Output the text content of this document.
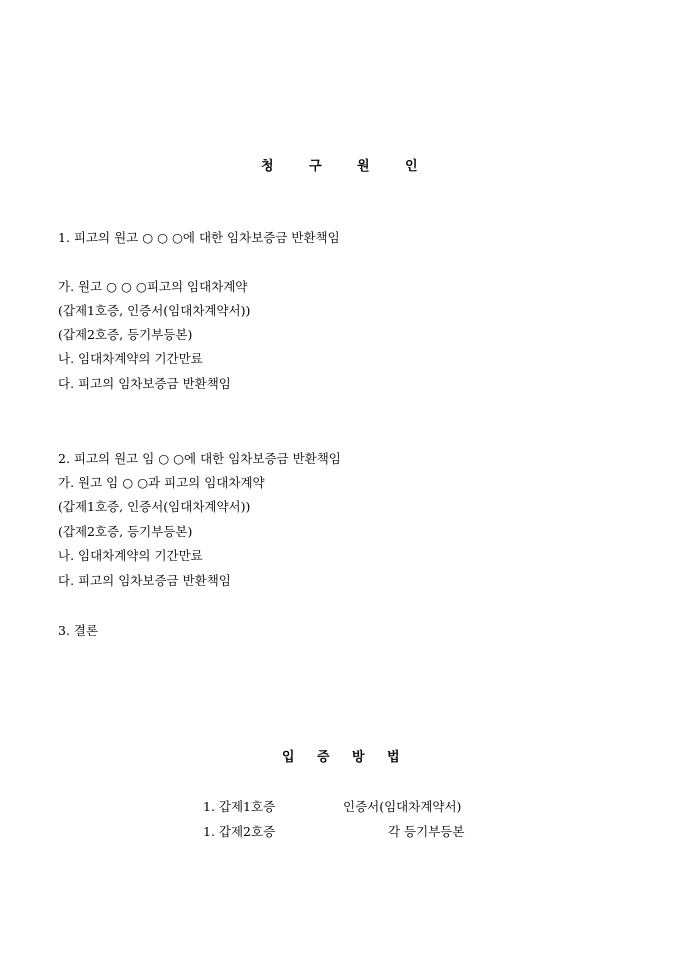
청	구	원	인
1. 피고의 원고 ○ ○ ○에 대한 임차보증금 반환책임
가. 원고 ○ ○ ○피고의 임대차계약
(갑제1호증, 인증서(임대차계약서))
(갑제2호증, 등기부등본)
나. 임대차계약의 기간만료
다. 피고의 임차보증금 반환책임
2. 피고의 원고 임 ○ ○에 대한 임차보증금 반환책임
가. 원고 임 ○ ○과 피고의 임대차계약
(갑제1호증, 인증서(임대차계약서))
(갑제2호증, 등기부등본)
나. 임대차계약의 기간만료
다. 피고의 임차보증금 반환책임
3. 결론
입 증 방 법
1. 갑제1호증	인증서(임대차계약서)
1. 갑제2호증	각 등기부등본
